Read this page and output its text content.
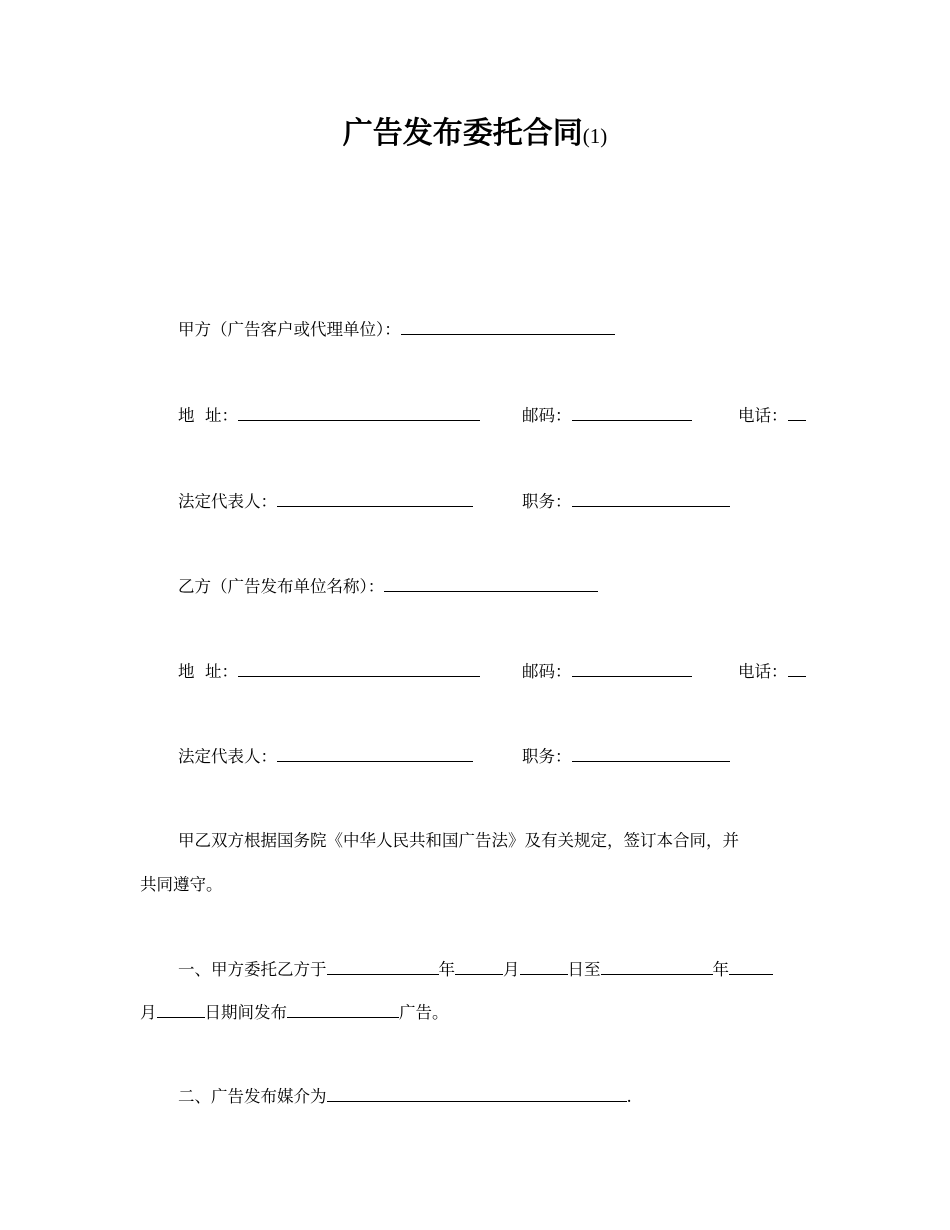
广告发布委托合同(1)
甲方（广告客户或代理单位）：
地  址：	邮码：	电话：
法定代表人：	职务：
乙方（广告发布单位名称）：
地  址：	邮码：	电话：
法定代表人：	职务：
甲乙双方根据国务院《中华人民共和国广告法》及有关规定，签订本合同，并
共同遵守。
一、甲方委托乙方于	年	月	日至	年
月	日期间发布	广告。
二、广告发布媒介为	.
